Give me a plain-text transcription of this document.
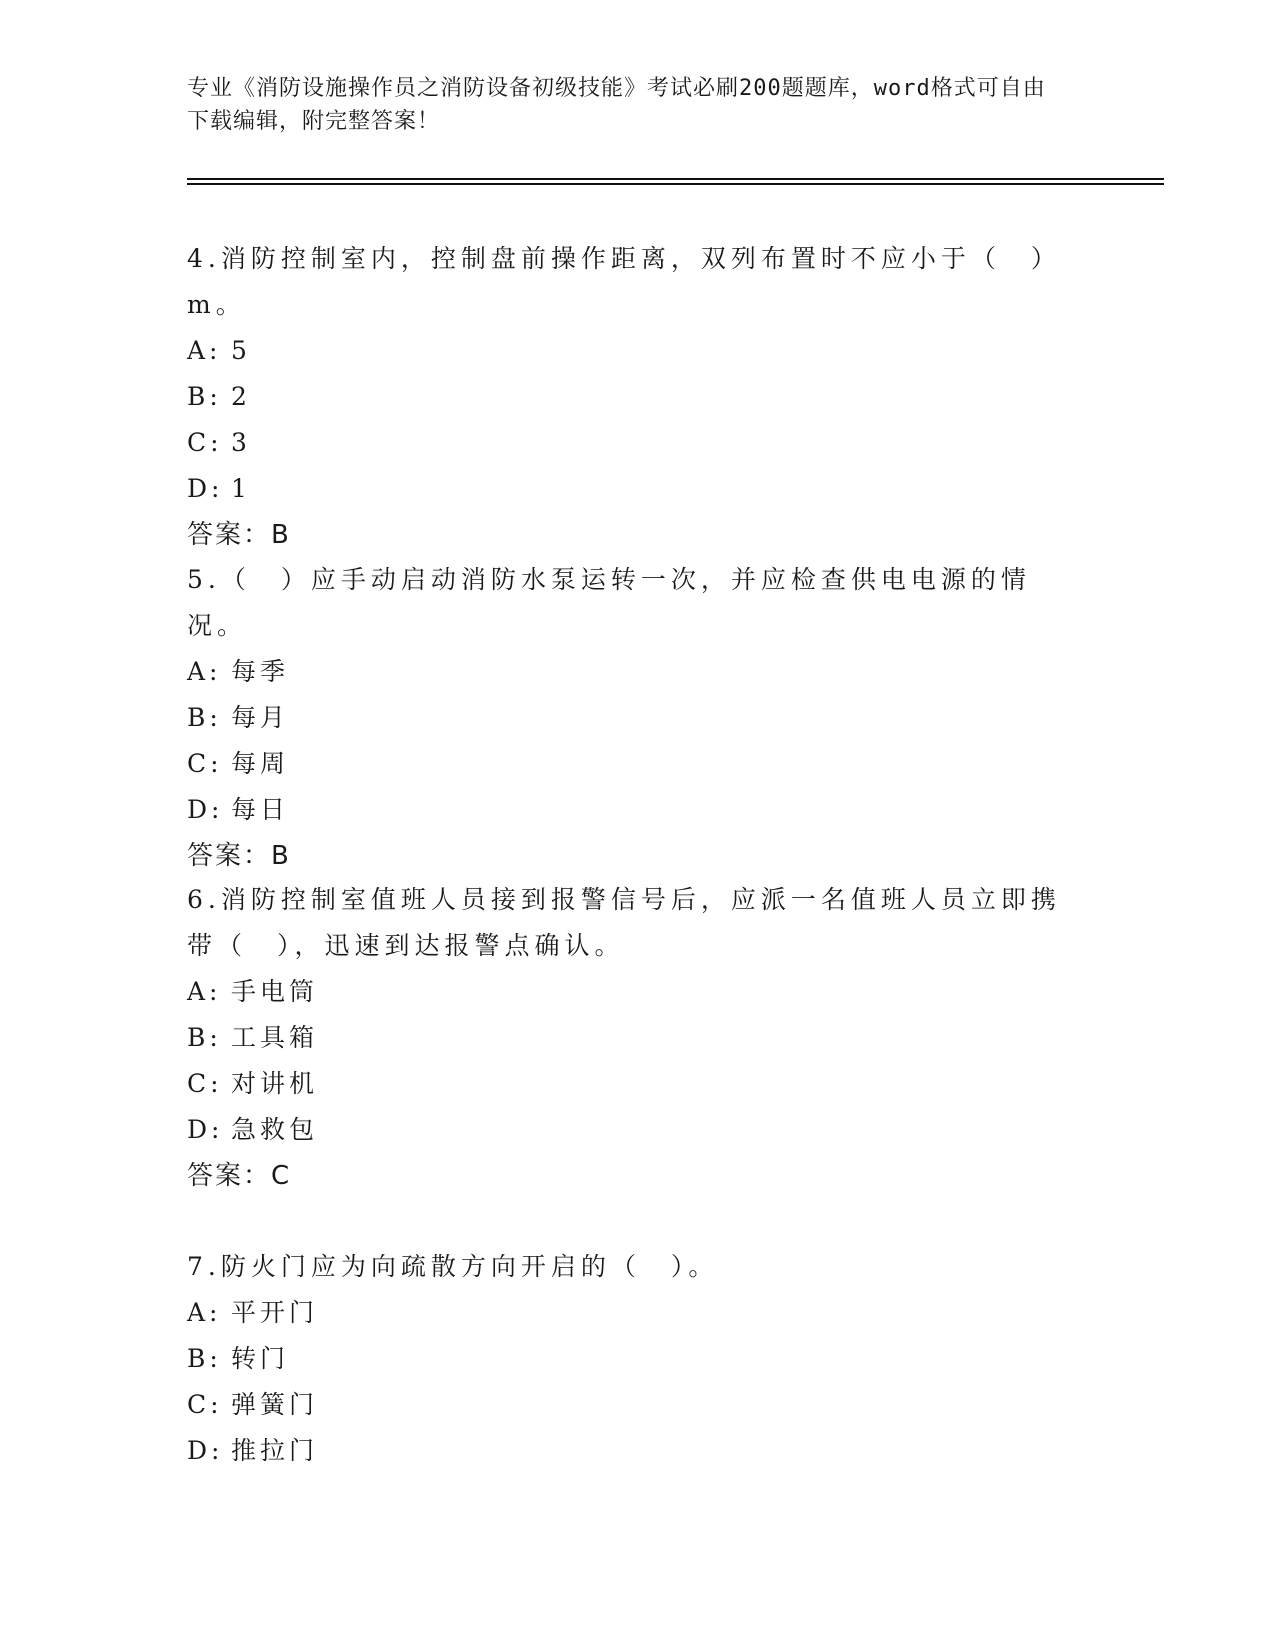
专业《消防设施操作员之消防设备初级技能》考试必刷200题题库，word格式可自由下载编辑，附完整答案！
4.消防控制室内，控制盘前操作距离，双列布置时不应小于（　）m。
A: 5
B: 2
C: 3
D: 1
答案：B
5.（　）应手动启动消防水泵运转一次，并应检查供电电源的情况。
A: 每季
B: 每月
C: 每周
D: 每日
答案：B
6.消防控制室值班人员接到报警信号后，应派一名值班人员立即携带（　），迅速到达报警点确认。
A: 手电筒
B: 工具箱
C: 对讲机
D: 急救包
答案：C
7.防火门应为向疏散方向开启的（　）。
A: 平开门
B: 转门
C: 弹簧门
D: 推拉门
